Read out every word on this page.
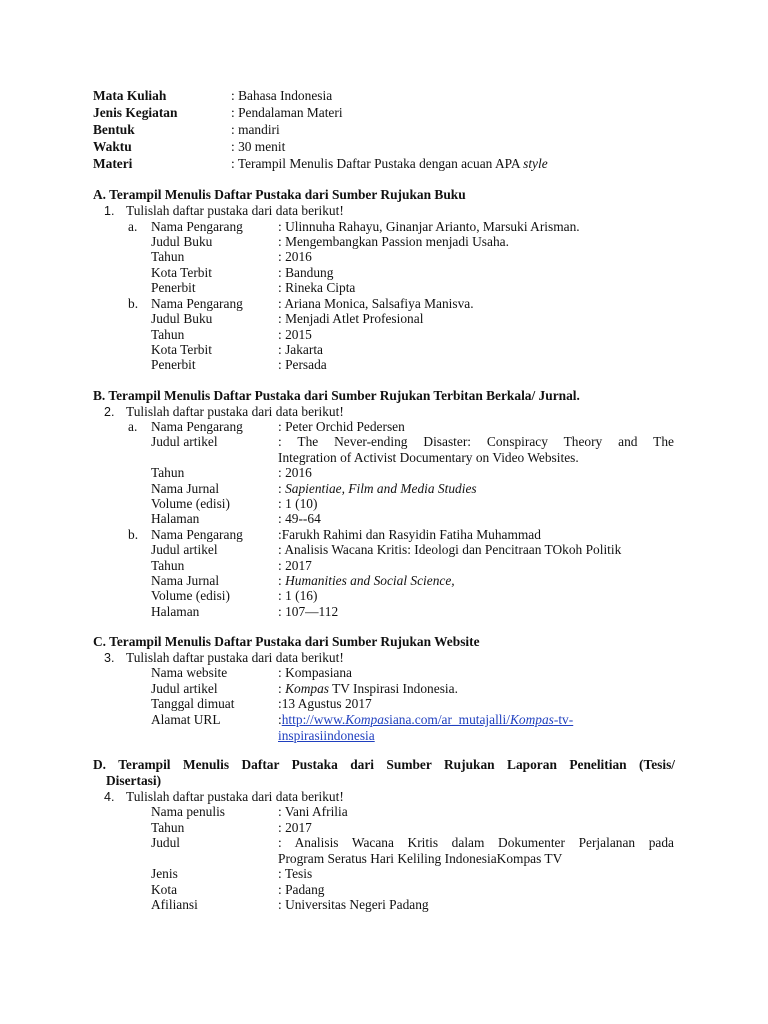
Mata Kuliah	: Bahasa Indonesia
Jenis Kegiatan	: Pendalaman Materi
Bentuk	: mandiri
Waktu	: 30 menit
Materi	: Terampil Menulis Daftar Pustaka dengan acuan APA style
A. Terampil Menulis Daftar Pustaka dari Sumber Rujukan Buku
1. Tulislah daftar pustaka dari data berikut!
a. Nama Pengarang	: Ulinnuha Rahayu, Ginanjar Arianto, Marsuki Arisman.
Judul Buku	: Mengembangkan Passion menjadi Usaha.
Tahun	: 2016
Kota Terbit	: Bandung
Penerbit	: Rineka Cipta
b. Nama Pengarang	: Ariana Monica, Salsafiya Manisva.
Judul Buku	: Menjadi Atlet Profesional
Tahun	: 2015
Kota Terbit	: Jakarta
Penerbit	: Persada
B. Terampil Menulis Daftar Pustaka dari Sumber Rujukan Terbitan Berkala/ Jurnal.
2. Tulislah daftar pustaka dari data berikut!
a. Nama Pengarang	: Peter Orchid Pedersen
Judul artikel	: The Never-ending Disaster: Conspiracy Theory and The
Integration of Activist Documentary on Video Websites.
Tahun	: 2016
Nama Jurnal	: Sapientiae, Film and Media Studies
Volume (edisi)	: 1 (10)
Halaman	: 49--64
b. Nama Pengarang	:Farukh Rahimi dan Rasyidin Fatiha Muhammad
Judul artikel	: Analisis Wacana Kritis: Ideologi dan Pencitraan TOkoh Politik
Tahun	: 2017
Nama Jurnal	: Humanities and Social Science,
Volume (edisi)	: 1 (16)
Halaman	: 107—112
C. Terampil Menulis Daftar Pustaka dari Sumber Rujukan Website
3. Tulislah daftar pustaka dari data berikut!
Nama website	: Kompasiana
Judul artikel	: Kompas TV Inspirasi Indonesia.
Tanggal dimuat	:13 Agustus 2017
Alamat URL	:http://www.Kompasiana.com/ar_mutajalli/Kompas-tv-
inspirasiindonesia
D. Terampil Menulis Daftar Pustaka dari Sumber Rujukan Laporan Penelitian (Tesis/
Disertasi)
4. Tulislah daftar pustaka dari data berikut!
Nama penulis	: Vani Afrilia
Tahun	: 2017
Judul	: Analisis Wacana Kritis dalam Dokumenter Perjalanan pada
Program Seratus Hari Keliling IndonesiaKompas TV
Jenis	: Tesis
Kota	: Padang
Afiliansi	: Universitas Negeri Padang
